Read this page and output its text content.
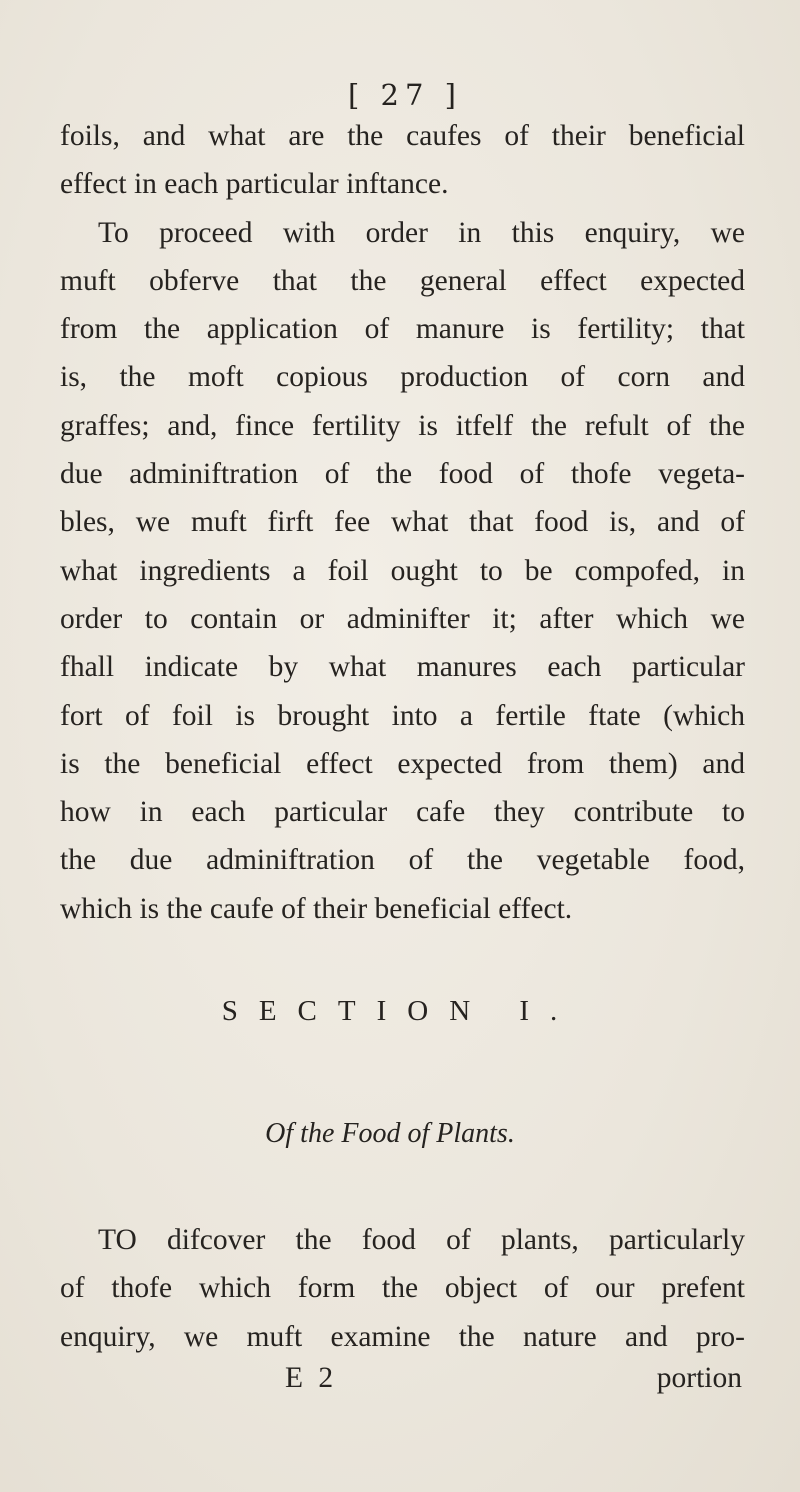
[ 27 ]
foils, and what are the caufes of their beneficial
effect in each particular inftance.
To proceed with order in this enquiry, we
muft obferve that the general effect expected
from the application of manure is fertility; that
is, the moft copious production of corn and
graffes; and, fince fertility is itfelf the refult of the
due adminiftration of the food of thofe vegeta-
bles, we muft firft fee what that food is, and of
what ingredients a foil ought to be compofed, in
order to contain or adminifter it; after which we
fhall indicate by what manures each particular
fort of foil is brought into a fertile ftate (which
is the beneficial effect expected from them) and
how in each particular cafe they contribute to
the due adminiftration of the vegetable food,
which is the caufe of their beneficial effect.
SECTION I.
Of the Food of Plants.
TO difcover the food of plants, particularly
of thofe which form the object of our prefent
enquiry, we muft examine the nature and pro-
E 2	portion
